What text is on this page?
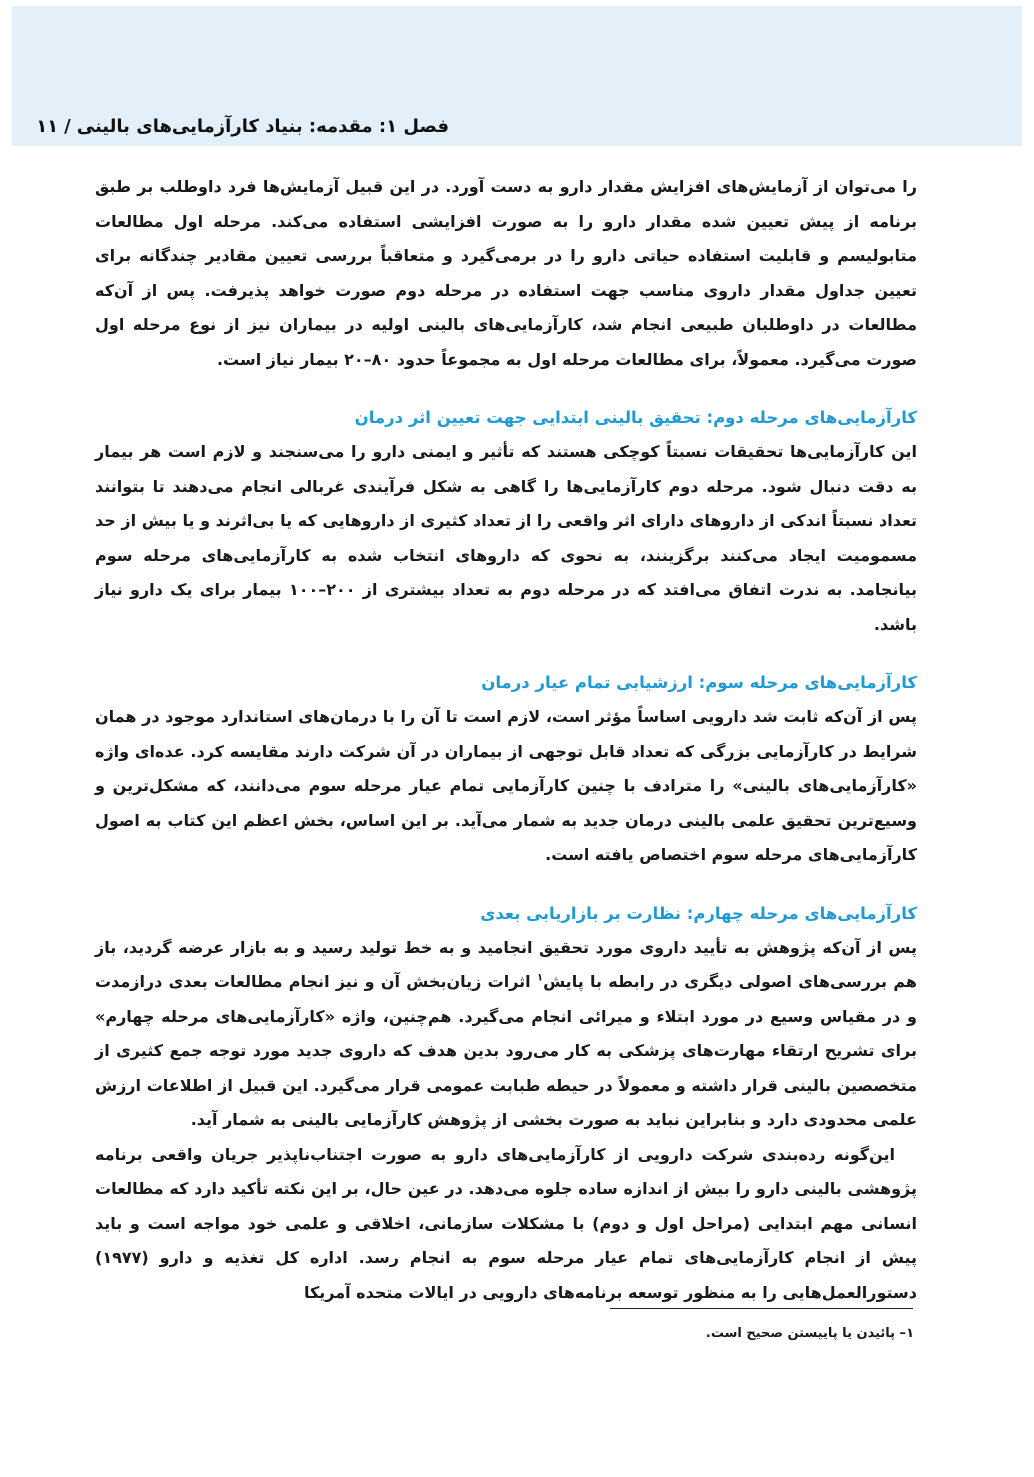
فصل ۱: مقدمه: بنیاد کارآزمایی‌های بالینی/۱۱

را می‌توان از آزمایش‌های افزایش مقدار دارو به دست آورد. در این قبیل آزمایش‌ها فرد داوطلب بر طبق برنامه از پیش تعیین شده مقدار دارو را به صورت افزایشی استفاده می‌کند. مرحله اول مطالعات متابولیسم و قابلیت استفاده حیاتی دارو را در برمی‌گیرد و متعاقباً بررسی تعیین مقادیر چندگانه برای تعیین جداول مقدار داروی مناسب جهت استفاده در مرحله دوم صورت خواهد پذیرفت. پس از آن‌که مطالعات در داوطلبان طبیعی انجام شد، کارآزمایی‌های بالینی اولیه در بیماران نیز از نوع مرحله اول صورت می‌گیرد. معمولاً، برای مطالعات مرحله اول به مجموعاً حدود ۸۰–۲۰ بیمار نیاز است.

کارآزمایی‌های مرحله دوم: تحقیق بالینی ابتدایی جهت تعیین اثر درمان

این کارآزمایی‌ها تحقیقات نسبتاً کوچکی هستند که تأثیر و ایمنی دارو را می‌سنجند و لازم است هر بیمار به دقت دنبال شود. مرحله دوم کارآزمایی‌ها را گاهی به شکل فرآیندی غربالی انجام می‌دهند تا بتوانند تعداد نسبتاً اندکی از داروهای دارای اثر واقعی را از تعداد کثیری از داروهایی که یا بی‌اثرند و یا بیش از حد مسمومیت ایجاد می‌کنند برگزینند، به نحوی که داروهای انتخاب شده به کارآزمایی‌های مرحله سوم بیانجامد. به ندرت اتفاق می‌افتد که در مرحله دوم به تعداد بیشتری از ۲۰۰–۱۰۰ بیمار برای یک دارو نیاز باشد.

کارآزمایی‌های مرحله سوم: ارزشیابی تمام عیار درمان

پس از آن‌که ثابت شد دارویی اساساً مؤثر است، لازم است تا آن را با درمان‌های استاندارد موجود در همان شرایط در کارآزمایی بزرگی که تعداد قابل توجهی از بیماران در آن شرکت دارند مقایسه کرد. عده‌ای واژه «کارآزمایی‌های بالینی» را مترادف با چنین کارآزمایی تمام عیار مرحله سوم می‌دانند، که مشکل‌ترین و وسیع‌ترین تحقیق علمی بالینی درمان جدید به شمار می‌آید. بر این اساس، بخش اعظم این کتاب به اصول کارآزمایی‌های مرحله سوم اختصاص یافته است.

کارآزمایی‌های مرحله چهارم: نظارت بر بازاریابی بعدی

پس از آن‌که پژوهش به تأیید داروی مورد تحقیق انجامید و به خط تولید رسید و به بازار عرضه گردید، باز هم بررسی‌های اصولی دیگری در رابطه با پایش$^۱$ اثرات زیان‌بخش آن و نیز انجام مطالعات بعدی درازمدت و در مقیاس وسیع در مورد ابتلاء و میرائی انجام می‌گیرد. هم‌چنین، واژه «کارآزمایی‌های مرحله چهارم» برای تشریح ارتقاء مهارت‌های پزشکی به کار می‌رود بدین هدف که داروی جدید مورد توجه جمع کثیری از متخصصین بالینی قرار داشته و معمولاً در حیطه طبابت عمومی قرار می‌گیرد. این قبیل از اطلاعات ارزش علمی محدودی دارد و بنابراین نباید به صورت بخشی از پژوهش کارآزمایی بالینی به شمار آید.

این‌گونه رده‌بندی شرکت دارویی از کارآزمایی‌های دارو به صورت اجتناب‌ناپذیر جریان واقعی برنامه پژوهشی بالینی دارو را بیش از اندازه ساده جلوه می‌دهد. در عین حال، بر این نکته تأکید دارد که مطالعات انسانی مهم ابتدایی (مراحل اول و دوم) با مشکلات سازمانی، اخلاقی و علمی خود مواجه است و باید پیش از انجام کارآزمایی‌های تمام عیار مرحله سوم به انجام رسد. اداره کل تغذیه و دارو (۱۹۷۷) دستورالعمل‌هایی را به منظور توسعه برنامه‌های دارویی در ایالات متحده آمریکا

۱– پائیدن یا پاییستن صحیح است.
